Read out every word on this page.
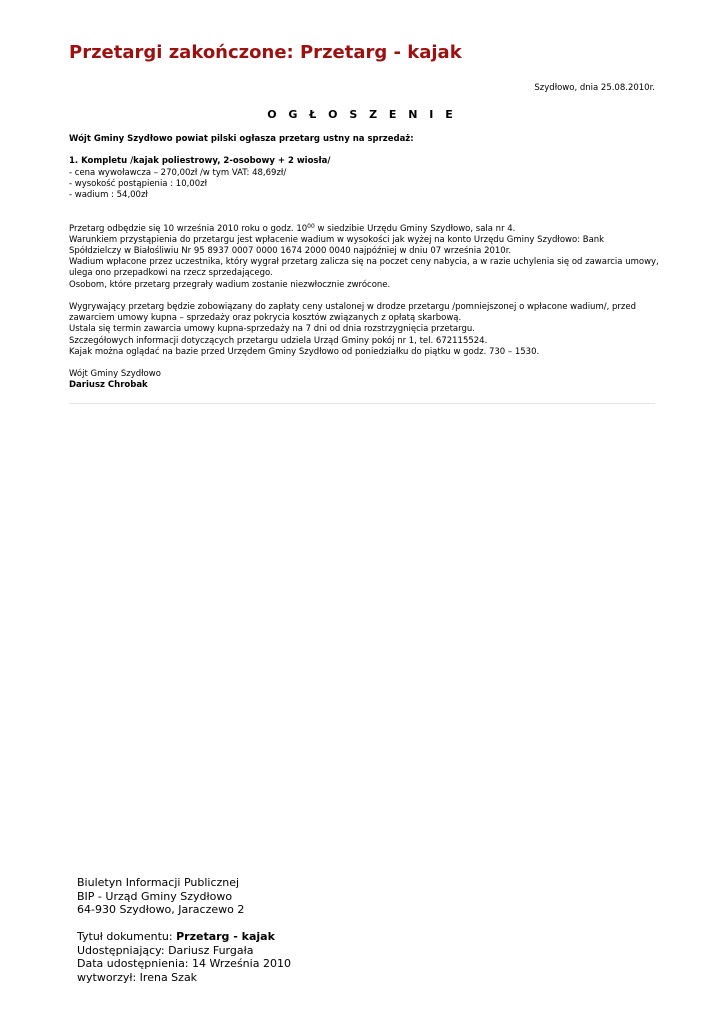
Przetargi zakończone: Przetarg - kajak
Szydłowo, dnia 25.08.2010r.
O G Ł O S Z E N I E

Wójt Gminy Szydłowo powiat pilski ogłasza przetarg ustny na sprzedaż:

1. Kompletu /kajak poliestrowy, 2-osobowy + 2 wiosła/

- cena wywoławcza – 270,00zł /w tym VAT: 48,69zł/

- wysokość postąpienia : 10,00zł

- wadium : 54,00zł

Przetarg odbędzie się 10 września 2010 roku o godz. $10^{00}$ w siedzibie Urzędu Gminy Szydłowo, sala nr 4.

Warunkiem przystąpienia do przetargu jest wpłacenie wadium w wysokości jak wyżej na konto Urzędu Gminy Szydłowo: Bank Spółdzielczy w Białośliwiu Nr 95 8937 0007 0000 1674 2000 0040 najpóźniej w dniu 07 września 2010r.

Wadium wpłacone przez uczestnika, który wygrał przetarg zalicza się na poczet ceny nabycia, a w razie uchylenia się od zawarcia umowy, ulega ono przepadkowi na rzecz sprzedającego.

Osobom, które przetarg przegrały wadium zostanie niezwłocznie zwrócone.

Wygrywający przetarg będzie zobowiązany do zapłaty ceny ustalonej w drodze przetargu /pomniejszonej o wpłacone wadium/, przed zawarciem umowy kupna – sprzedaży oraz pokrycia kosztów związanych z opłatą skarbową.

Ustala się termin zawarcia umowy kupna-sprzedaży na 7 dni od dnia rozstrzygnięcia przetargu.

Szczegółowych informacji dotyczących przetargu udziela Urząd Gminy pokój nr 1, tel. 672115524.

Kajak można oglądać na bazie przed Urzędem Gminy Szydłowo od poniedziałku do piątku w godz. 730 – 1530.

Wójt Gminy Szydłowo

Dariusz Chrobak

Biuletyn Informacji Publicznej

BIP - Urząd Gminy Szydłowo

64-930 Szydłowo, Jaraczewo 2

Tytuł dokumentu: Przetarg - kajak

Udostępniający: Dariusz Furgała

Data udostępnienia: 14 Września 2010

wytworzył: Irena Szak
